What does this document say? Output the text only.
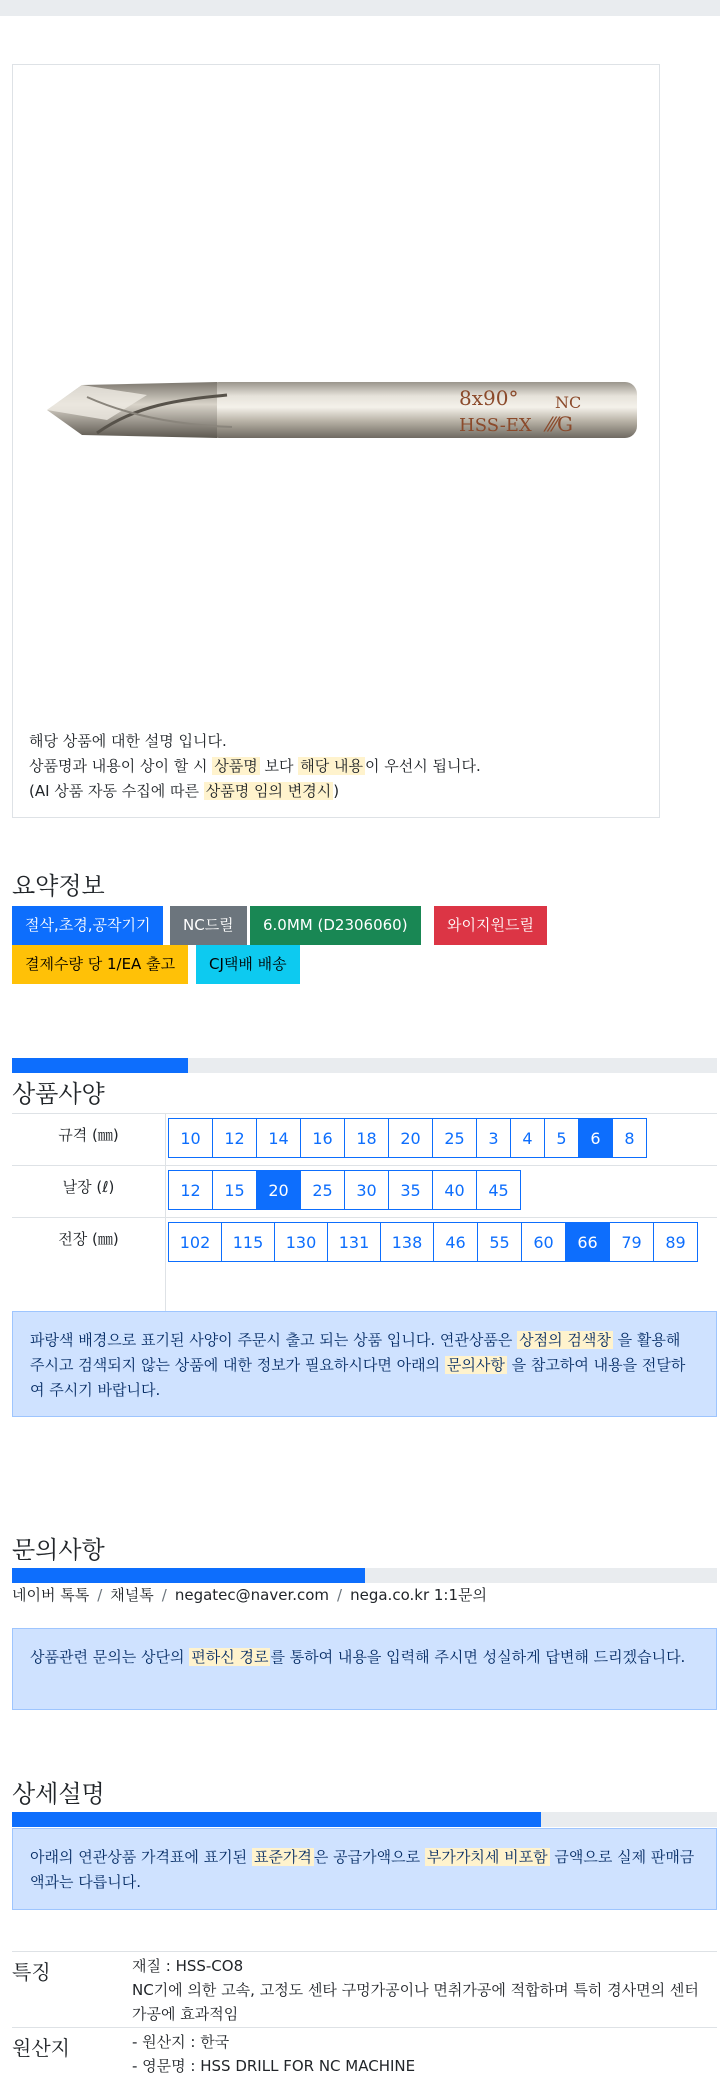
8x90° NC
HSS-EX ⁄⁄⁄G
해당 상품에 대한 설명 입니다.
상품명과 내용이 상이 할 시 상품명 보다 해당 내용 이 우선시 됩니다.
(AI 상품 자동 수집에 따른 상품명 임의 변경시 )
요약정보
절삭,초경,공작기기	NC드릴	6.0MM (D2306060)	와이지원드릴
결제수량 당 1/EA 출고	CJ택배 배송
상품사양
규격 (㎜)	10	12	14	16	18	20	25	3	4	5	6	8
날장 (ℓ)	12	15	20	25	30	35	40	45
전장 (㎜)	102	115	130	131	138	46	55	60	66	79	89
파랑색 배경으로 표기된 사양이 주문시 출고 되는 상품 입니다. 연관상품은 상점의 검색창 을 활용해 주시고 검색되지 않는 상품에 대한 정보가 필요하시다면 아래의 문의사항 을 참고하여 내용을 전달하여 주시기 바랍니다.
문의사항
네이버 톡톡 / 채널톡 / negatec@naver.com / nega.co.kr 1:1문의
상품관련 문의는 상단의 편하신 경로 를 통하여 내용을 입력해 주시면 성실하게 답변해 드리겠습니다.
상세설명
아래의 연관상품 가격표에 표기된 표준가격 은 공급가액으로 부가가치세 비포함 금액으로 실제 판매금액과는 다릅니다.
특징	재질 : HSS-CO8
NC기에 의한 고속, 고정도 센타 구멍가공이나 면취가공에 적합하며 특히 경사면의 센터가공에 효과적임
원산지	- 원산지 : 한국
- 영문명 : HSS DRILL FOR NC MACHINE
